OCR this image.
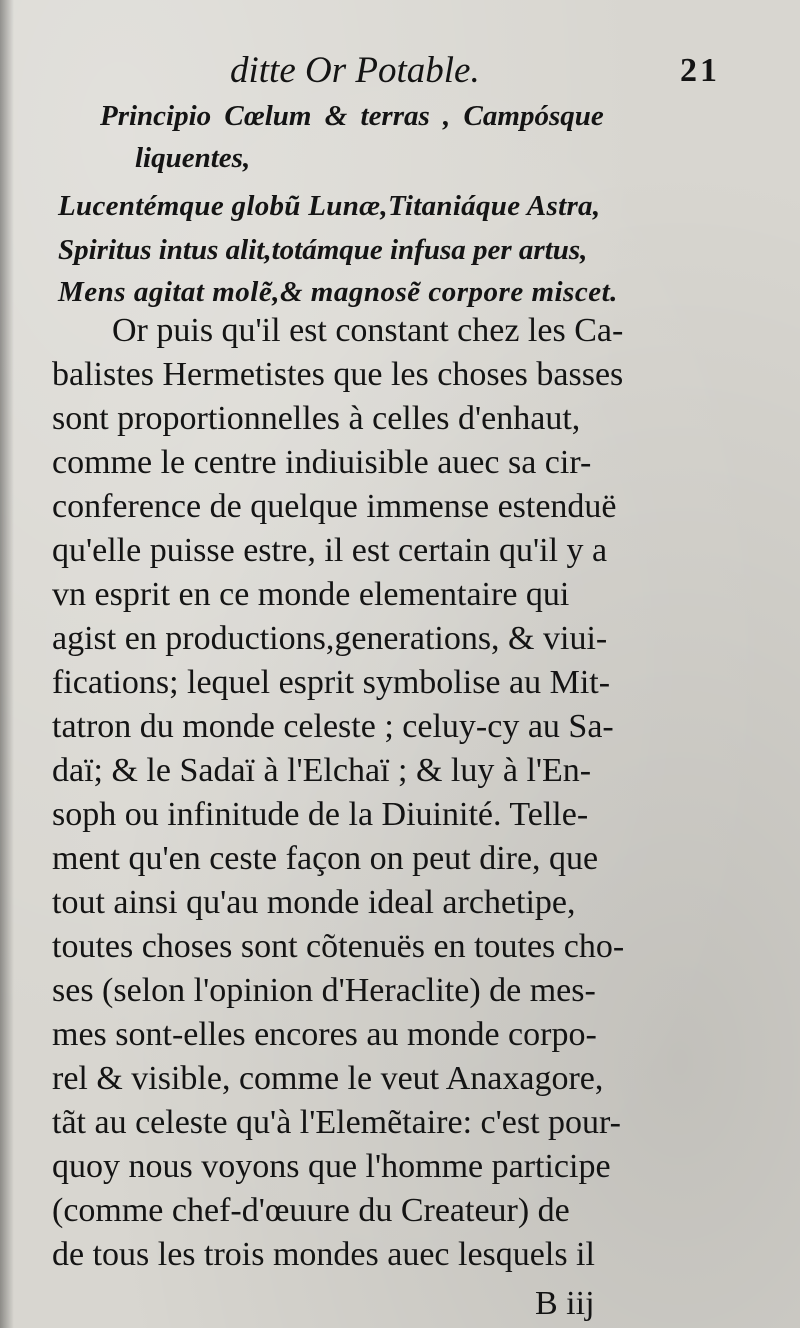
ditte Or Potable.	21
Principio Cœlum & terras , Campósque
liquentes,
Lucentémque globũ Lunæ,Titaniáque Astra,
Spiritus intus alit,totámque infusa per artus,
Mens agitat molẽ,& magnosẽ corpore miscet.
Or puis qu'il est constant chez les Ca-
balistes Hermetistes que les choses basses
sont proportionnelles à celles d'enhaut,
comme le centre indiuisible auec sa cir-
conference de quelque immense estenduë
qu'elle puisse estre, il est certain qu'il y a
vn esprit en ce monde elementaire qui
agist en productions,generations, & viui-
fications; lequel esprit symbolise au Mit-
tatron du monde celeste ; celuy-cy au Sa-
daï; & le Sadaï à l'Elchaï ; & luy à l'En-
soph ou infinitude de la Diuinité. Telle-
ment qu'en ceste façon on peut dire, que
tout ainsi qu'au monde ideal archetipe,
toutes choses sont cõtenuës en toutes cho-
ses (selon l'opinion d'Heraclite) de mes-
mes sont-elles encores au monde corpo-
rel & visible, comme le veut Anaxagore,
tãt au celeste qu'à l'Elemẽtaire: c'est pour-
quoy nous voyons que l'homme participe
(comme chef-d'œuure du Createur) de
de tous les trois mondes auec lesquels il
B iij
